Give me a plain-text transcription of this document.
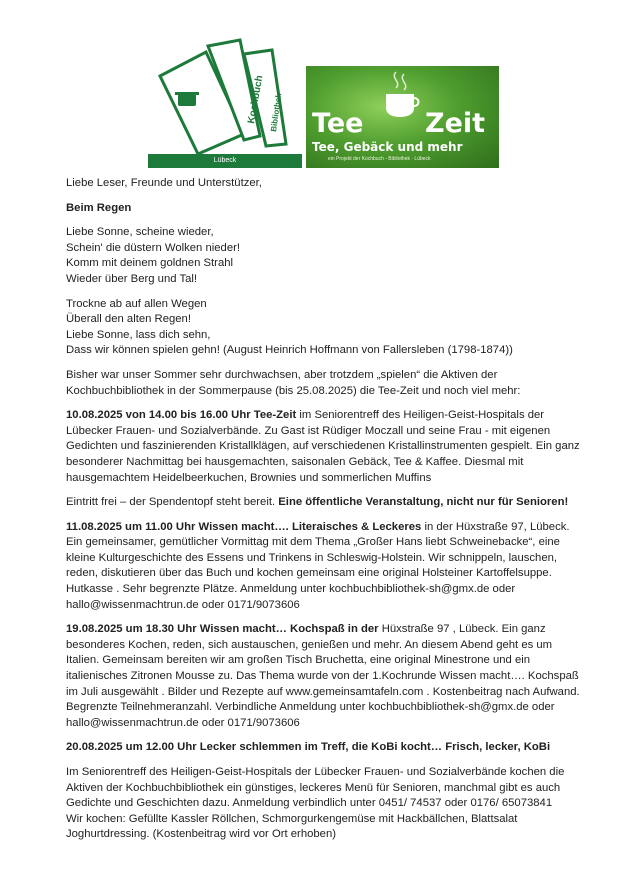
Kochbuch Bibliothek
Lübeck
Tee Zeit
Tee, Gebäck und mehr
ein Projekt der Kochbuch - Bibliothek · Lübeck

Liebe Leser, Freunde und Unterstützer,

Beim Regen

Liebe Sonne, scheine wieder,
Schein' die düstern Wolken nieder!
Komm mit deinem goldnen Strahl
Wieder über Berg und Tal!

Trockne ab auf allen Wegen
Überall den alten Regen!
Liebe Sonne, lass dich sehn,
Dass wir können spielen gehn! (August Heinrich Hoffmann von Fallersleben (1798-1874))

Bisher war unser Sommer sehr durchwachsen, aber trotzdem „spielen“ die Aktiven der Kochbuchbibliothek in der Sommerpause (bis 25.08.2025) die Tee-Zeit und noch viel mehr:

10.08.2025 von 14.00 bis 16.00 Uhr Tee-Zeit im Seniorentreff des Heiligen-Geist-Hospitals der Lübecker Frauen- und Sozialverbände. Zu Gast ist Rüdiger Moczall und seine Frau - mit eigenen Gedichten und faszinierenden Kristallklägen, auf verschiedenen Kristallinstrumenten gespielt. Ein ganz besonderer Nachmittag bei hausgemachten, saisonalen Gebäck, Tee & Kaffee. Diesmal mit hausgemachtem Heidelbeerkuchen, Brownies und sommerlichen Muffins

Eintritt frei – der Spendentopf steht bereit. Eine öffentliche Veranstaltung, nicht nur für Senioren!

11.08.2025 um 11.00 Uhr Wissen macht…. Literaisches & Leckeres in der Hüxstraße 97, Lübeck. Ein gemeinsamer, gemütlicher Vormittag mit dem Thema „Großer Hans liebt Schweinebacke“, eine kleine Kulturgeschichte des Essens und Trinkens in Schleswig-Holstein. Wir schnippeln, lauschen, reden, diskutieren über das Buch und kochen gemeinsam eine original Holsteiner Kartoffelsuppe. Hutkasse . Sehr begrenzte Plätze. Anmeldung unter kochbuchbibliothek-sh@gmx.de oder hallo@wissenmachtrun.de oder 0171/9073606

19.08.2025 um 18.30 Uhr Wissen macht… Kochspaß in der Hüxstraße 97 , Lübeck. Ein ganz besonderes Kochen, reden, sich austauschen, genießen und mehr. An diesem Abend geht es um Italien. Gemeinsam bereiten wir am großen Tisch Bruchetta, eine original Minestrone und ein italienisches Zitronen Mousse zu. Das Thema wurde von der 1.Kochrunde Wissen macht…. Kochspaß im Juli ausgewählt . Bilder und Rezepte auf www.gemeinsamtafeln.com . Kostenbeitrag nach Aufwand. Begrenzte Teilnehmeranzahl. Verbindliche Anmeldung unter kochbuchbibliothek-sh@gmx.de oder hallo@wissenmachtrun.de oder 0171/9073606

20.08.2025 um 12.00 Uhr Lecker schlemmen im Treff, die KoBi kocht… Frisch, lecker, KoBi

Im Seniorentreff des Heiligen-Geist-Hospitals der Lübecker Frauen- und Sozialverbände kochen die Aktiven der Kochbuchbibliothek ein günstiges, leckeres Menü für Senioren, manchmal gibt es auch Gedichte und Geschichten dazu. Anmeldung verbindlich unter 0451/ 74537 oder 0176/ 65073841
Wir kochen: Gefüllte Kassler Röllchen, Schmorgurkengemüse mit Hackbällchen, Blattsalat Joghurtdressing. (Kostenbeitrag wird vor Ort erhoben)
